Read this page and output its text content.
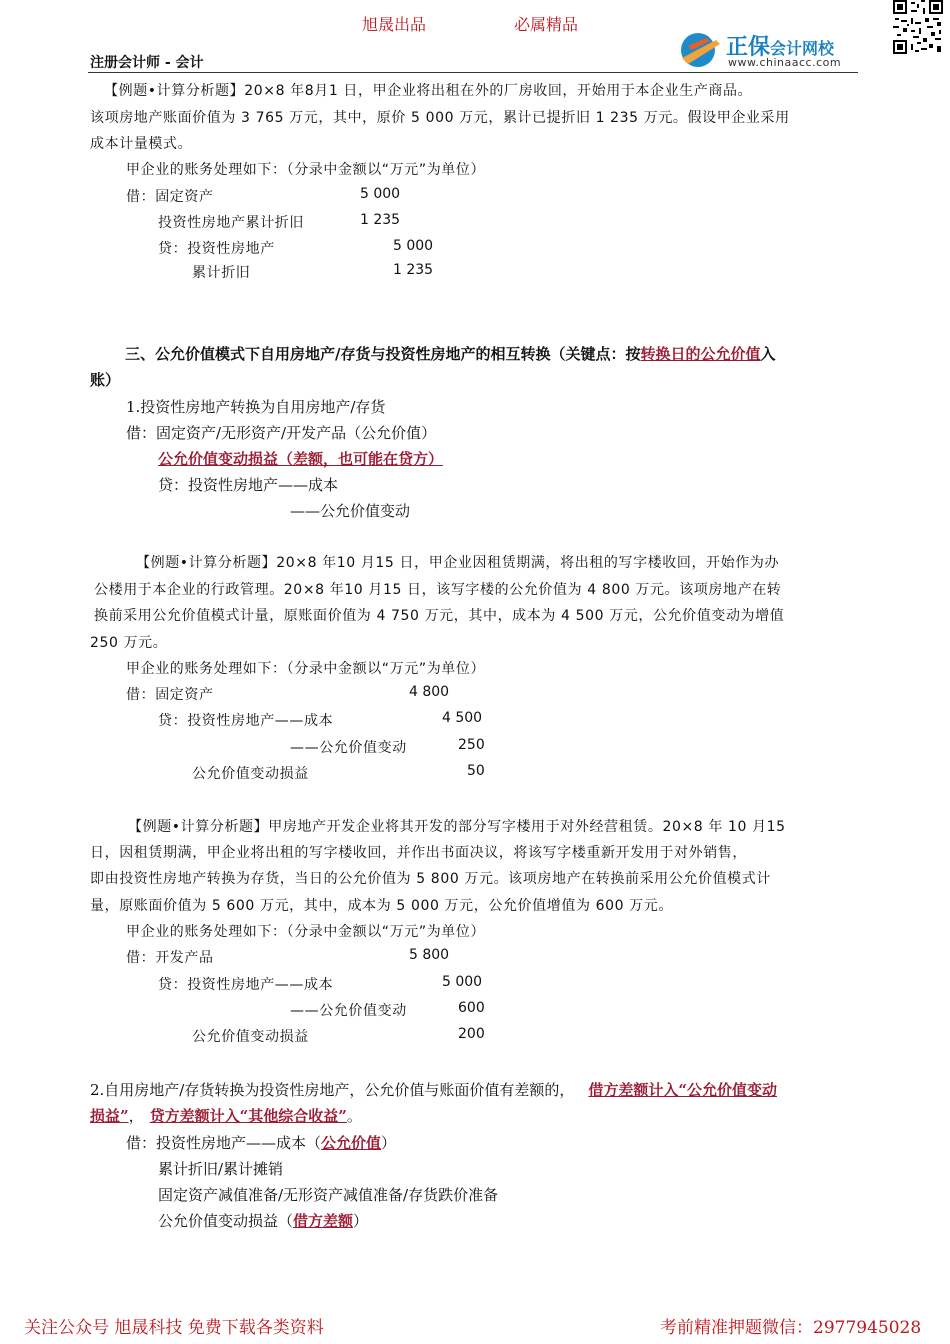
旭晟出品	必属精品
注册会计师 - 会计
正保会计网校
www.chinaacc.com
【例题•计算分析题】20×8 年8月1 日，甲企业将出租在外的厂房收回，开始用于本企业生产商品。
该项房地产账面价值为 3 765 万元，其中，原价 5 000 万元，累计已提折旧 1 235 万元。假设甲企业采用
成本计量模式。
甲企业的账务处理如下：（分录中金额以“万元”为单位）
借：固定资产	5 000
投资性房地产累计折旧	1 235
贷：投资性房地产	5 000
累计折旧	1 235
三、公允价值模式下自用房地产/存货与投资性房地产的相互转换（关键点：按转换日的公允价值入
账）
1.投资性房地产转换为自用房地产/存货
借：固定资产/无形资产/开发产品（公允价值）
公允价值变动损益（差额，也可能在贷方）
贷：投资性房地产——成本
——公允价值变动
【例题•计算分析题】20×8 年10 月15 日，甲企业因租赁期满，将出租的写字楼收回，开始作为办
公楼用于本企业的行政管理。20×8 年10 月15 日，该写字楼的公允价值为 4 800 万元。该项房地产在转
换前采用公允价值模式计量，原账面价值为 4 750 万元，其中，成本为 4 500 万元，公允价值变动为增值
250 万元。
甲企业的账务处理如下：（分录中金额以“万元”为单位）
借：固定资产	4 800
贷：投资性房地产——成本	4 500
——公允价值变动	250
公允价值变动损益	50
【例题•计算分析题】甲房地产开发企业将其开发的部分写字楼用于对外经营租赁。20×8 年 10 月15
日，因租赁期满，甲企业将出租的写字楼收回，并作出书面决议，将该写字楼重新开发用于对外销售，
即由投资性房地产转换为存货，当日的公允价值为 5 800 万元。该项房地产在转换前采用公允价值模式计
量，原账面价值为 5 600 万元，其中，成本为 5 000 万元，公允价值增值为 600 万元。
甲企业的账务处理如下：（分录中金额以“万元”为单位）
借：开发产品	5 800
贷：投资性房地产——成本	5 000
——公允价值变动	600
公允价值变动损益	200
2.自用房地产/存货转换为投资性房地产，公允价值与账面价值有差额的， 借方差额计入“公允价值变动
损益”， 贷方差额计入“其他综合收益”。
借：投资性房地产——成本（公允价值）
累计折旧/累计摊销
固定资产减值准备/无形资产减值准备/存货跌价准备
公允价值变动损益（借方差额）
关注公众号 旭晟科技 免费下载各类资料	考前精准押题微信：2977945028
